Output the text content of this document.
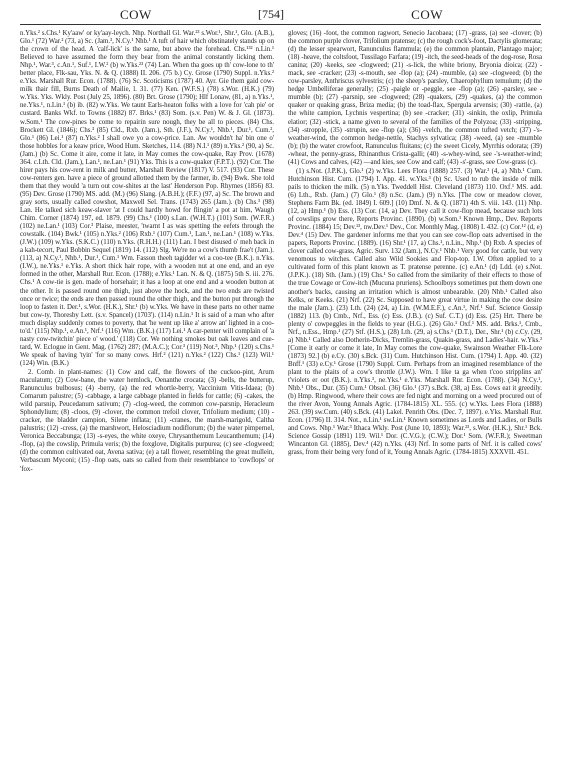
COW	[754]	COW

n.Yks.² s.Chs.¹ Ky'aaw' or ky'aay-leych. Nhp. Northall Gl. War.²³ s.Wor.¹, Shr.¹, Glo. (A.B.), Glo.¹ (72) War.² (73, a) Sc. (Jam.³, N.Cy.¹ Nhb.¹ A tuft of hair which obstinately stands up on the crown of the head. A 'calf-lick' is the same, but above the forehead. Chs.¹³² n.Lin.¹ Believed to have assumed the form they bear from the animal constantly licking them. Nhp.¹, War.³, c.An.¹, Suf.¹, I.W.² (b) w.Yks.²³ (74) Lan. When tha goes up th' cow-lone to th' better place, Flk-sau, Yks. N. & Q. (1888) II. 206. (75 b.) Cy. Grose (1790) Suppl. n.Yks.² e.Yks. Marshall Rur. Econ. (1788). (76) Sc. Scoticisms (1787) 40. Ayr. Gie them gaid cow-milk thair fill, Burns Death of Mailie, l. 31. (77) Ken. (W.F.S.) (78) s.Wor. (H.K.) (79) w.Yks. Yks. Wkly. Post (July 25, 1896). (80) Brt. Grose (1790); Hlf Lonaw, (81, a) n.Yks.¹, ne.Yks.¹, n.Lin.¹ (b) ib. (82) w.Yks. We taunt Earls-heaton folks with a love for 'cah pie' or custard. Banks Wkf. to Towns (1882) 87. Brks.¹ (83) Som. (s.v. Pen) W. & J. Gl. (1873). w.Som.¹ The cow-pines be come to repairin sure nough, they be all to pieces. (84) Chs. Brockett Gl. (1846); Chs.³ (85) Cld., Rxb. (Jam.), Sth. (J.F.), N.Cy.¹, Nhb.¹, Dur.¹, Cum.², Glo.¹ (86) Lei.¹ (87) n.Yks.² I shall owe yo a cow-price. Lan. Aw wouldn't ha' bin one o' those hobbles for a keaw price, Wood Hum. Sketches, 114. (88) N.I.¹ (89) n.Yks.² (90, a) Sc. (Jam.) (b) Sc. Come it aire, come it late, in May comes the cow-quake, Ray Prov. (1678) 364. c.Lth. Cld. (Jam.), Lan.¹, ne.Lan.¹ (91) Yks. This is a cow-quaker (F.P.T.). (92) Cor. The hirer pays his cow-rent in milk and butter, Marshall Review (1817) V. 517. (93) Cor. These cow-renters gen. have a piece of ground allotted them by the farmer, ib. (94) Bwk. She told them that they would 'a turn out cow-shites at the last' Henderson Pop. Rhymes (1856) 83. (95) Dev. Grose (1790) MS. add. (M.) (96) Slang. (A.B.H.); (F.F.) (97, a) Sc. The brown and gray sorts, usually called cowshot, Maxwell Sel. Trans. (1743) 265 (Jam.). (b) Chs.³ (98) Lan. He talked sich keaw-slaver 'at I could hardly howd for flingin' a pot at him, Waugh Chim. Corner (1874) 197, ed. 1879. (99) Chs.¹ (100) s.Lan. (W.H.T.) (101) Som. (W.F.R.) (102) ne.Lan.¹ (103) Cor.³ Plaise, meester, 'twarnt I as was spetting the eefets through the cowstalk. (104) Bwk.¹ (105) n.Yks.² (106) Rxb.¹ (107) Cum.¹, Lan.¹, ne.Lan.¹ (108) w.Yks. (J.W.) (109) w.Yks. (S.K.C.) (110) n.Yks. (R.H.H.) (111) Lan. I best disused o' meh back in a kah-tecort, Paul Bobbin Sequel (1819) 14. (112) Slg. We're no a cow's thumb frae't (Jam.). (113, a) N.Cy.¹, Nhb.¹, Dur.¹, Cum.¹ Wm. Fasson theeh tagidder wi a coo-tee (B.K.). n.Yks. (I.W.), ne.Yks.¹ e.Yks. A short thick hair rope, with a wooden nut at one end, and an eye formed in the other, Marshall Rur. Econ. (1788); e.Yks.¹ Lan. N. & Q. (1875) 5th S. iii. 276. Chs.¹ A cow-tie is gen. made of horsehair; it has a loop at one end and a wooden button at the other. It is passed round one thigh, just above the hock, and the two ends are twisted once or twice; the ends are then passed round the other thigh, and the button put through the loop to fasten it. Der.¹, s.Wor. (H.K.), Shr.¹ (b) w.Yks. We have in these parts no other name but cow-ty, Thoresby Lett. (s.v. Spancel) (1703'). (114) n.Lin.¹ It is said of a man who after much display suddenly comes to poverty, that 'he went up like a' arrow an' lighted in a coo-to'd.' (115) Nhp.¹, e.An.¹, Nrf.¹ (116) Wm. (B.K.) (117) Lei.¹ A car-penter will complain of 'a nasty cow-twitchin' piece o' wood.' (118) Cor. We nothing smokes but oak leaves and cue-tard, W. Eclogue in Gent. Mag. (1762) 287; (M.A.C.); Cor.³ (119) Not.³, Nhp.¹ (120) s.Chs.¹ We speak of having 'tyin' 'for so many cows. Hrf.² (121) n.Yks.² (122) Chs.¹ (123) Wil.¹ (124) Win. (B.K.)

2. Comb. in plant-names: (1) Cow and calf, the flowers of the cuckoo-pint, Arum maculatum; (2) Cow-bane, the water hemlock, Oenanthe crocata; (3) -bells, the butterup, Ranunculus bulbosus; (4) -berry, (a) the red whortle-berry, Vaccinium Vitis-Idaea; (b) Comarum palustre; (5) -cabbage, a large cabbage planted in fields for cattle; (6) -cakes, the wild parsnip, Peucedanum sativum; (7) -clog-weed, the common cow-parsnip, Heracleum Sphondylium; (8) -cloos, (9) -clover, the common trefoil clover, Trifolium medium; (10) -cracker, the bladder campion, Silene inflata; (11) -cranes, the marsh-marigold, Caltha palustris; (12) -cress, (a) the marshwort, Helosciadium nodiflorum; (b) the water pimpernel, Veronica Beccabunga; (13) -s-eyes, the white oxeye, Chrysanthemum Leucanthemum; (14) -flop, (a) the cowslip, Primula veris; (b) the foxglove, Digitalis purpurea; (c) see -clogweed; (d) the common cultivated oat, Avena sativa; (e) a tall flower, resembling the great mullein, Verbascum Myconi; (15) -flop oats, oats so called from their resemblance to 'cowflops' or 'fox-

gloves; (16) -foot, the common ragwort, Senecio Jacobaea; (17) -grass, (a) see -clover; (b) the common purple clover, Trifolium pratense; (c) the rough cock's-foot, Dactylis glomerata; (d) the lesser spearwort, Ranunculus flammula; (e) the common plantain, Plantago major; (18) -heave, the coltsfoot, Tussilago Farfara; (19) -itch, the seed-heads of the dog-rose, Rosa canina; (20) -keeks, see -clogweed; (21) -s-lick, the white briony, Bryonia dioica; (22) -mack, see -cracker; (23) -s-mouth, see -flop (a); (24) -mumble, (a) see -clogweed; (b) the cow-parsley, Anthriscus sylvestris; (c) the sheep's parsley, Chaerophyllum temulum; (d) the hedge Umbelliferae generally; (25) -paigle or -peggle, see -flop (a); (26) -parsley, see -mumble (b); (27) -parsnip, see -clogweed; (28) -quakers, (29) -quakes, (a) the common quaker or quaking grass, Briza media; (b) the toad-flax, Spergula arvensis; (30) -rattle, (a) the white campion, Lychnis vespertina; (b) see -cracker; (31) -sinkin, the oxlip, Primula elatior; (32) -stick, a name given to several of the families of the Polyzoa; (33) -stripping, (34) -stropple, (35) -strupin, see -flop (a); (36) -velch, the common tufted vetch; (37) -'s-weather-wind, the common hedge-nettle, Stachys sylvatica; (38) -weed, (a) see -mumble (b); (b) the water crowfoot, Ranunculus fluitans; (c) the sweet Cicely, Myrrhis odorata; (39) -wheat, the penny-grass, Rhinanthus Crista-galli; (40) -s-whey-wind, see -'s-weather-wind; (41) Cows and calves, (42) —and kies, see Cow and calf; (43) -s'-grass, see Cow-grass (c).

(1) s.Not. (J.P.K.), Glo.¹ (2) w.Yks. Lees Flora (1888) 257. (3) War.³ (4, a) Nhb.¹ Cum. Hutchinson Hist. Cum. (1794) I. App. 41. w.Yks.³ (b) Sc. Used to rub the inside of milk pails to thicken the milk. (5) n.Yks. Tweddell Hist. Cleveland (1873) 110. Oxf.¹ MS. add. (6) Lth., Rxb. (Jam.) (7) Glo.¹ (8) n.Sc. (Jam.) (9) n.Yks. [The cow or meadow clover, Stephens Farm Bk. (ed. 1849) I. 609.] (10) Dmf. N. & Q. (1871) 4th S. viii. 143. (11) Nhp. (12, a) Hmp.¹ (b) Ess. (13) Cor. (14, a) Dev. They call it cow-flop mead, because such lots of cowslips grow there, Reports Provinc. (1890). (b) w.Som.¹ Known Hmp., Dev. Reports Provinc. (1884) 15; Dev.¹³, nw.Dev.¹ Dev., Cor. Monthly Mag. (1808) I. 432. (c) Cor.¹² (d, e) Dev.⁴ (15) Dev. The gardener informs me that you can see cow-flop oats advertised in the papers, Reports Provinc. (1889). (16) Shr.¹ (17, a) Chs.¹, n.Lin., Nhp.¹ (b) Rxb. A species of clover called cow-grass, Agric. Surv. 132 (Jam.), N.Cy.¹ Nhb.¹ Very good for cattle, but very venomous to witches. Called also Wild Sookies and Flop-top. I.W. Often applied to a cultivated form of this plant known as T. pratense perenne. (c) e.An.¹ (d) Ldd. (e) s.Not. (J.P.K.). (18) Sth. (Jam.) (19) Chs.¹ So called from the similarity of their effects to those of the true Cowage or Cow-itch (Mucuna pruriens). Schoolboys sometimes put them down one another's backs, causing an irritation which is almost unbearable. (20) Nhb.¹ Called also Kelks, or Keeks. (21) Nrf. (22) Sc. Supposed to have great virtue in making the cow desire the male (Jam.). (23) Lth. (24) (24, a) Lin. (W.M.E.F.), c.An.¹, Nrf.¹ Suf. Science Gossip (1882) 113. (b) Cmb., Nrf., Ess. (c) Ess. (J.B.). (c) Suf. C.T.) (d) Ess. (25) Hrt. There be plenty o' cowpeggles in the fields to year (H.G.). (26) Glo.¹ Oxf.¹ MS. add. Brks.¹, Cmb., Nrf., n.Ess., Hmp.¹ (27) Stf. (H.S.), (28) Lth. (29, a) s.Chs.¹ (D.T.), Der., Shr.¹ (b) c.Cy. (29, a) Nhb.¹ Called also Dotherin-Dicks, Tremlin-grass, Quakin-grass, and Ladies'-hair. w.Yks.² [Come it early or come it late, In May comes the cow-quake, Swainson Weather Flk-Lore (1873) 92.] (b) e.Cy. (30) s.Bck. (31) Cum. Hutchinson Hist. Cum. (1794) I. App. 40. (32) Bnff.¹ (33) e.Cy.¹ Grose (1790) Suppl. Cum. Perhaps from an imagined resemblance of the plant to the plaits of a cow's throttle (J.W.). Wm. I like ta ga when t'coo stripplins an' t'violets er oot (B.K.). n.Yks.³, ne.Yks.¹ e.Yks. Marshall Rur. Econ. (1788). (34) N.Cy.¹, Nhb.¹ Obs., Dur. (35) Cum.¹ Obsol. (36) Glo.¹ (37) s.Bck. (38, a) Ess. Cows eat it greedily. (b) Hmp. Ringwood, where their cows are fed night and morning on a weed procured out of the river Avon, Young Annals Agric. (1784-1815) XL. 555. (c) w.Yks. Lees Flora (1888) 263. (39) sw.Cum. (40) s.Bck. (41) Lakel. Penrith Obs. (Dec. 7, 1897). e.Yks. Marshall Rur. Econ. (1796) II. 314. Not., n.Lin.¹ sw.Lin.¹ Known sometimes as Lords and Ladies, or Bulls and Cows. Nhp.¹ War.³ Ithaca Wkly. Post (June 10, 1893); War.²³, s.Wor. (H.K.), Shr.¹ Bck. Science Gossip (1891) 119. Wil.¹ Dor. (C.V.G.); (C.W.); Dor.¹ Som. (W.F.R.); Sweetman Wincanton Gl. (1885), Dev.⁴ (42) n.Yks. (43) Nrf. In some parts of Nrf. it is called cows' grass, from their being very fond of it, Young Annals Agric. (1784-1815) XXXVII. 451.
